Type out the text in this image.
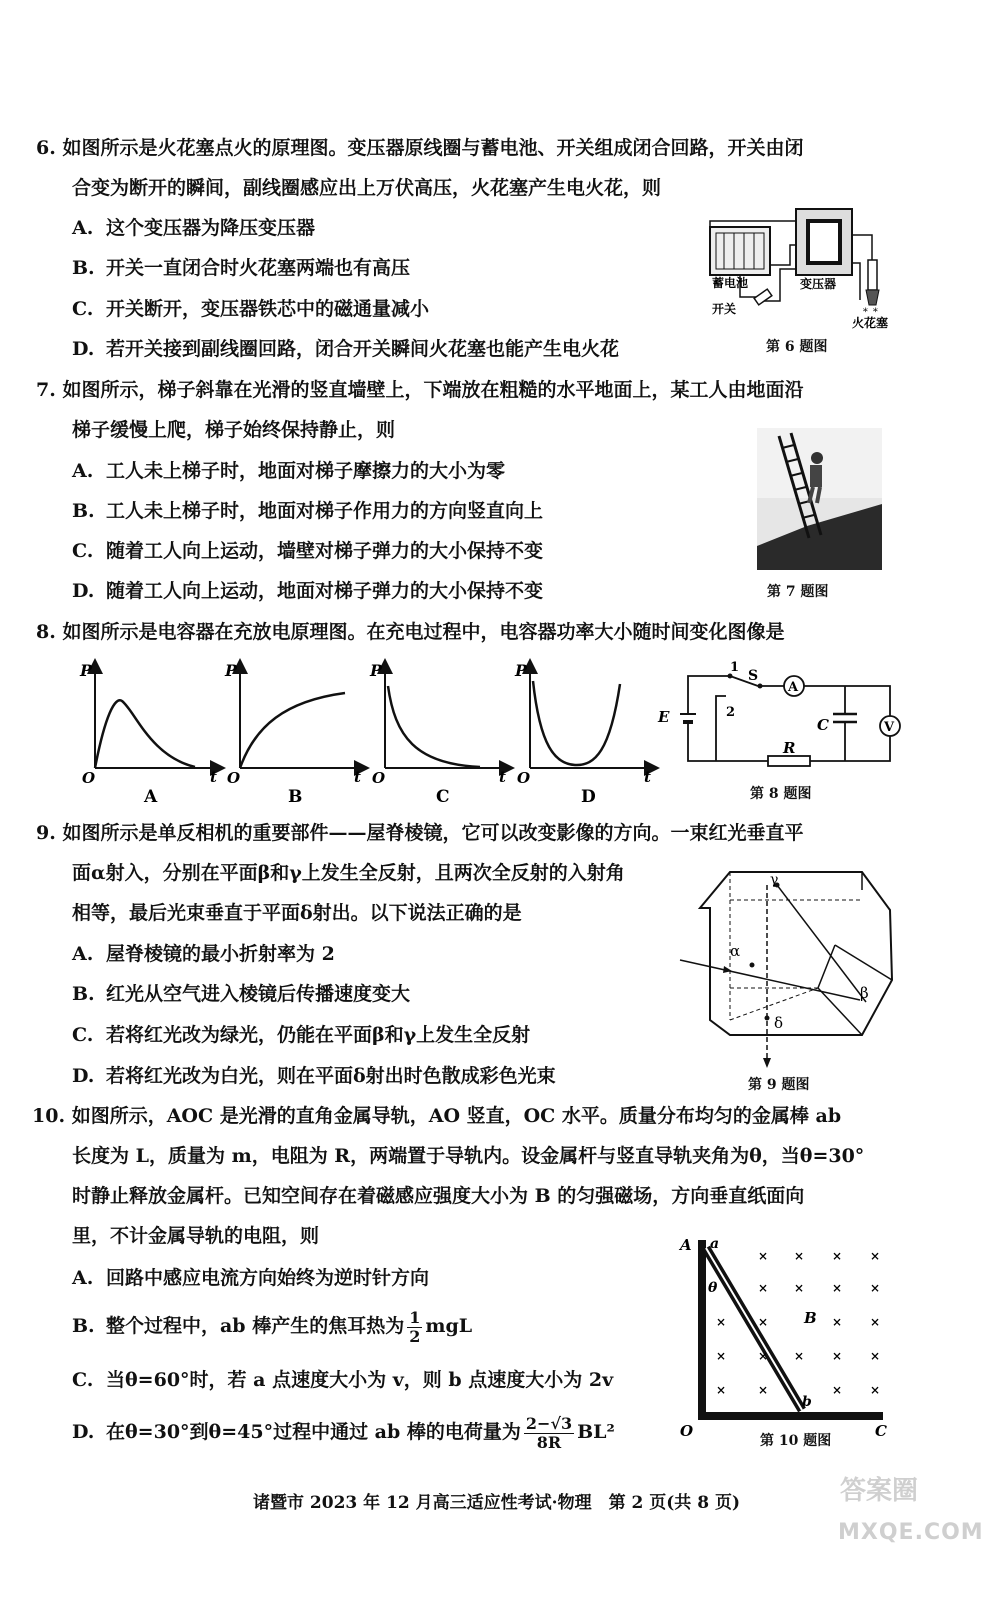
6. 如图所示是火花塞点火的原理图。变压器原线圈与蓄电池、开关组成闭合回路，开关由闭
合变为断开的瞬间，副线圈感应出上万伏高压，火花塞产生电火花，则
A. 这个变压器为降压变压器
B. 开关一直闭合时火花塞两端也有高压
C. 开关断开，变压器铁芯中的磁通量减小
D. 若开关接到副线圈回路，闭合开关瞬间火花塞也能产生电火花
∗ ∗
蓄电池	变压器
开关
火花塞
第 6 题图
7. 如图所示，梯子斜靠在光滑的竖直墙壁上，下端放在粗糙的水平地面上，某工人由地面沿
梯子缓慢上爬，梯子始终保持静止，则
A. 工人未上梯子时，地面对梯子摩擦力的大小为零
B. 工人未上梯子时，地面对梯子作用力的方向竖直向上
C. 随着工人向上运动，墙壁对梯子弹力的大小保持不变
D. 随着工人向上运动，地面对梯子弹力的大小保持不变	第 7 题图
8. 如图所示是电容器在充放电原理图。在充电过程中，电容器功率大小随时间变化图像是
P
O	t
A
P
O	t
B
P
O	t
C
P
O	t
D
A
V
E
1
2
S
C
R
第 8 题图
9. 如图所示是单反相机的重要部件——屋脊棱镜，它可以改变影像的方向。一束红光垂直平
面α射入，分别在平面β和γ上发生全反射，且两次全反射的入射角
相等，最后光束垂直于平面δ射出。以下说法正确的是
A. 屋脊棱镜的最小折射率为 2
B. 红光从空气进入棱镜后传播速度变大
C. 若将红光改为绿光，仍能在平面β和γ上发生全反射
D. 若将红光改为白光，则在平面δ射出时色散成彩色光束
α
β
γ
δ
第 9 题图
10. 如图所示，AOC 是光滑的直角金属导轨，AO 竖直，OC 水平。质量分布均匀的金属棒 ab
长度为 L，质量为 m，电阻为 R，两端置于导轨内。设金属杆与竖直导轨夹角为θ，当θ=30°
时静止释放金属杆。已知空间存在着磁感应强度大小为 B 的匀强磁场，方向垂直纸面向
里，不计金属导轨的电阻，则
A. 回路中感应电流方向始终为逆时针方向
B. 整个过程中，ab 棒产生的焦耳热为 $\frac{1}{2}$ mgL
C. 当θ=60°时，若 a 点速度大小为 v，则 b 点速度大小为 2v
D. 在θ=30°到θ=45°过程中通过 ab 棒的电荷量为 $\frac{2-√3}{8R} BL^2$
× × × ×
× × × ×
×	×	× ×
×	× × × ×
×	×	× ×
A a
θ
B
b
O	C
第 10 题图
诸暨市 2023 年 12 月高三适应性考试·物理　第 2 页(共 8 页)	答案圈
MXQE.COM
